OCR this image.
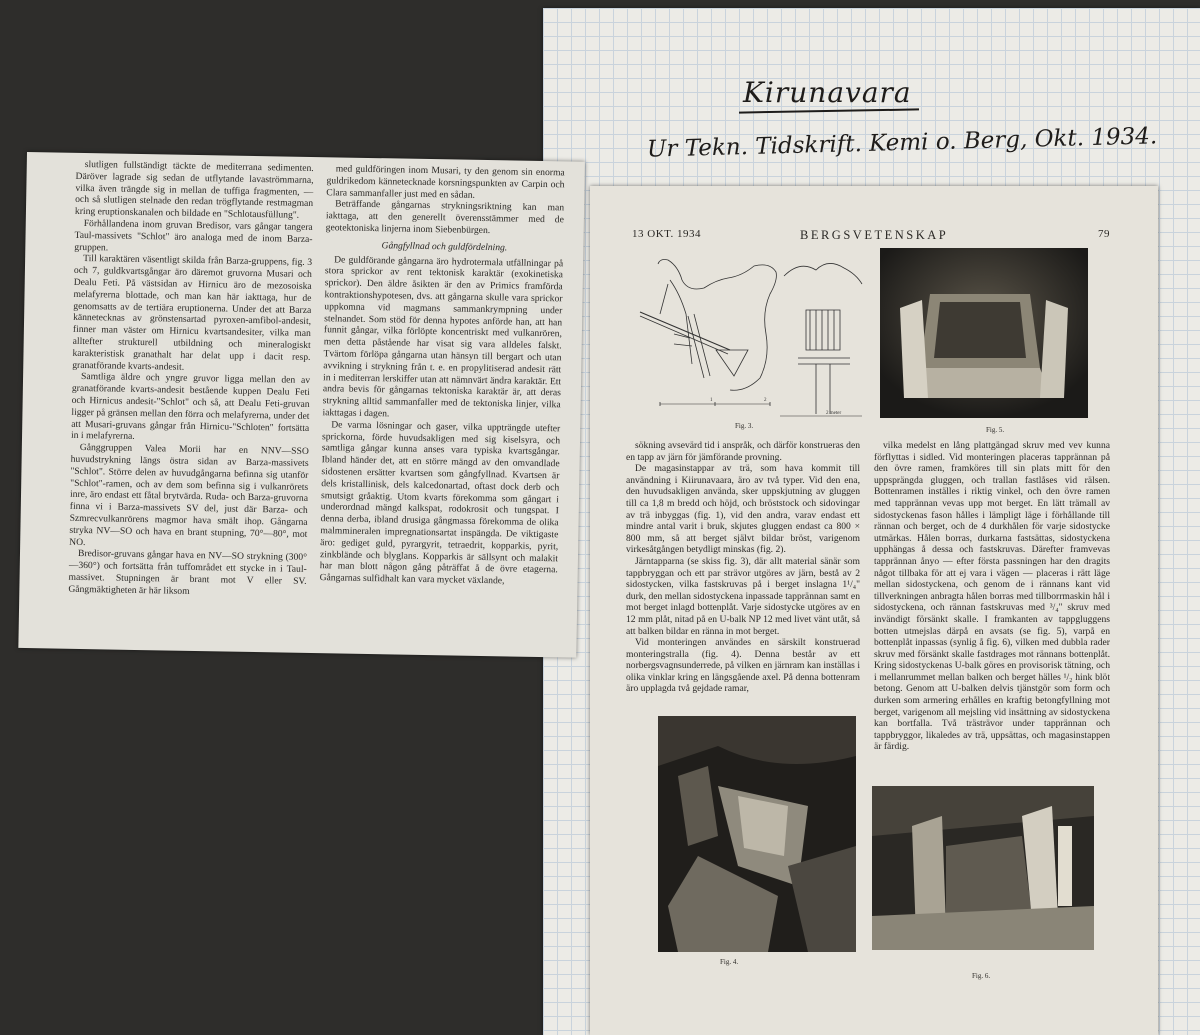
Kirunavara
Ur Tekn. Tidskrift. Kemi o. Berg, Okt. 1934.
13 OKT. 1934	BERGSVETENSKAP	79
1	2
2 meter
Fig. 3.	Fig. 5.

sökning avsevärd tid i anspråk, och därför konstrueras den en tapp av järn för jämförande provning.

De magasinstappar av trä, som hava kommit till användning i Kiirunavaara, äro av två typer. Vid den ena, den huvudsakligen använda, sker uppskjutning av gluggen till ca 1,8 m bredd och höjd, och bröststock och sidovingar av trä inbyggas (fig. 1), vid den andra, varav endast ett mindre antal varit i bruk, skjutes gluggen endast ca 800 × 800 mm, så att berget självt bildar bröst, varigenom virkesåtgången betydligt minskas (fig. 2).

Järntapparna (se skiss fig. 3), där allt material sänär som tappbryggan och ett par strävor utgöres av järn, bestå av 2 sidostycken, vilka fastskruvas på i berget inslagna 1¹/₄" durk, den mellan sidostyckena inpassade tapprännan samt en mot berget inlagd bottenplåt. Varje sidostycke utgöres av en 12 mm plåt, nitad på en U-balk NP 12 med livet vänt utåt, så att balken bildar en ränna in mot berget.

Vid monteringen användes en särskilt konstruerad monteringstralla (fig. 4). Denna består av ett norbergsvagnsunderrede, på vilken en järnram kan inställas i olika vinklar kring en längsgående axel. På denna bottenram äro upplagda två gejdade ramar,

vilka medelst en lång plattgängad skruv med vev kunna förflyttas i sidled. Vid monteringen placeras tapprännan på den övre ramen, framköres till sin plats mitt för den uppsprängda gluggen, och trallan fastlåses vid rälsen. Bottenramen inställes i riktig vinkel, och den övre ramen med tapprännan vevas upp mot berget. En lätt trämall av sidostyckenas fason hålles i lämpligt läge i förhållande till rännan och berget, och de 4 durkhålen för varje sidostycke utmärkas. Hålen borras, durkarna fastsättas, sidostyckena upphängas å dessa och fastskruvas. Därefter framvevas tapprännan ånyo — efter första passningen har den dragits något tillbaka för att ej vara i vägen — placeras i rätt läge mellan sidostyckena, och genom de i rännans kant vid tillverkningen anbragta hålen borras med tillborrmaskin hål i sidostyckena, och rännan fastskruvas med ³/₄" skruv med invändigt försänkt skalle. I framkanten av tappgluggens botten utmejslas därpå en avsats (se fig. 5), varpå en bottenplåt inpassas (synlig å fig. 6), vilken med dubbla rader skruv med försänkt skalle fastdrages mot rännans bottenplåt. Kring sidostyckenas U-balk göres en provisorisk tätning, och i mellanrummet mellan balken och berget hälles ¹/₂ hink blöt betong. Genom att U-balken delvis tjänstgör som form och durken som armering erhålles en kraftig betongfyllning mot berget, varigenom all mejsling vid insättning av sidostyckena kan bortfalla. Två trästrävor under tapprännan och tappbryggor, likaledes av trä, uppsättas, och magasinstappen är färdig.

Fig. 4.
Fig. 6.

slutligen fullständigt täckte de mediterrana sedimenten. Däröver lagrade sig sedan de utflytande lavaströmmarna, vilka även trängde sig in mellan de tuffiga fragmenten, — och så slutligen stelnade den redan trögflytande restmagman kring eruptionskanalen och bildade en "Schlotausfüllung".

Förhållandena inom gruvan Bredisor, vars gångar tangera Taul-massivets "Schlot" äro analoga med de inom Barza-gruppen.

Till karaktären väsentligt skilda från Barza-gruppens, fig. 3 och 7, guldkvartsgångar äro däremot gruvorna Musari och Dealu Feti. På västsidan av Hirnicu äro de mezosoiska melafyrerna blottade, och man kan här iakttaga, hur de genomsatts av de tertiära eruptionerna. Under det att Barza kännetecknas av grönstensartad pyroxen-amfibol-andesit, finner man väster om Hirnicu kvartsandesiter, vilka man alltefter strukturell utbildning och mineralogiskt karakteristisk granathalt har delat upp i dacit resp. granatförande kvarts-andesit.

Samtliga äldre och yngre gruvor ligga mellan den av granatförande kvarts-andesit bestående kuppen Dealu Feti och Hirnicus andesit-"Schlot" och så, att Dealu Feti-gruvan ligger på gränsen mellan den förra och melafyrerna, under det att Musari-gruvans gångar från Hirnicu-"Schloten" fortsätta in i melafyrerna.

Gånggruppen Valea Morii har en NNV—SSO huvudstrykning längs östra sidan av Barza-massivets "Schlot". Större delen av huvudgångarna befinna sig utanför "Schlot"-ramen, och av dem som befinna sig i vulkanrörets inre, äro endast ett fåtal brytvärda. Ruda- och Barza-gruvorna finna vi i Barza-massivets SV del, just där Barza- och Szmrecvulkanrörens magmor hava smält ihop. Gångarna stryka NV—SO och hava en brant stupning, 70°—80°, mot NO.

Bredisor-gruvans gångar hava en NV—SO strykning (300°—360°) och fortsätta från tuffområdet ett stycke in i Taul-massivet. Stupningen är brant mot V eller SV. Gångmäktigheten är här liksom

med guldföringen inom Musari, ty den genom sin enorma guldrikedom kännetecknade korsningspunkten av Carpin och Clara sammanfaller just med en sådan.

Beträffande gångarnas strykningsriktning kan man iakttaga, att den generellt överensstämmer med de geotektoniska linjerna inom Siebenbürgen.

Gångfyllnad och guldfördelning.

De guldförande gångarna äro hydrotermala utfällningar på stora sprickor av rent tektonisk karaktär (exokinetiska sprickor). Den äldre åsikten är den av Primics framförda kontraktionshypotesen, dvs. att gångarna skulle vara sprickor uppkomna vid magmans sammankrympning under stelnandet. Som stöd för denna hypotes anförde han, att han funnit gångar, vilka förlöpte koncentriskt med vulkanrören, men detta påstående har visat sig vara alldeles falskt. Tvärtom förlöpa gångarna utan hänsyn till bergart och utan avvikning i strykning från t. e. en propylitiserad andesit rätt in i mediterran lerskiffer utan att nämnvärt ändra karaktär. Ett andra bevis för gångarnas tektoniska karaktär är, att deras strykning alltid sammanfaller med de tektoniska linjer, vilka iakttagas i dagen.

De varma lösningar och gaser, vilka uppträngde utefter sprickorna, förde huvudsakligen med sig kiselsyra, och samtliga gångar kunna anses vara typiska kvartsgångar. Ibland händer det, att en större mängd av den omvandlade sidostenen ersätter kvartsen som gångfyllnad. Kvartsen är dels kristallinisk, dels kalcedonartad, oftast dock derb och smutsigt gråaktig. Utom kvarts förekomma som gångart i underordnad mängd kalkspat, rodokrosit och tungspat. I denna derba, ibland drusiga gångmassa förekomma de olika malmmineralen impregnationsartat inspängda. De viktigaste äro: gediget guld, pyrargyrit, tetraedrit, kopparkis, pyrit, zinkblände och blyglans. Kopparkis är sällsynt och malakit har man blott någon gång påträffat å de övre etagerna. Gångarnas sulfidhalt kan vara mycket växlande,
